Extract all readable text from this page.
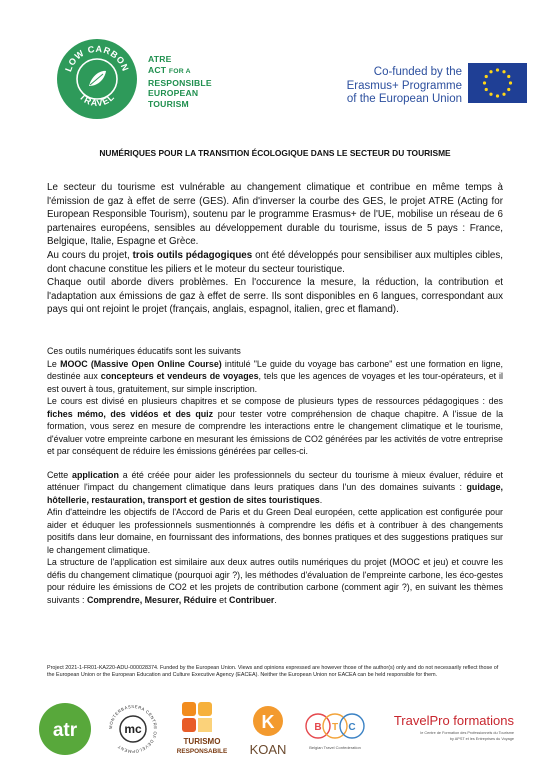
LOW CARBON
TRAVEL
ATRE
ACT FOR A
RESPONSIBLE
EUROPEAN
TOURISM
Co-funded by the
Erasmus+ Programme
of the European Union
NUMÉRIQUES POUR LA TRANSITION ÉCOLOGIQUE DANS LE SECTEUR DU TOURISME

Le secteur du tourisme est vulnérable au changement climatique et contribue en même temps à l'émission de gaz à effet de serre (GES). Afin d'inverser la courbe des GES, le projet ATRE (Acting for European Responsible Tourism), soutenu par le programme Erasmus+ de l'UE, mobilise un réseau de 6 partenaires européens, sensibles au développement durable du tourisme, issus de 5 pays : France, Belgique, Italie, Espagne et Grèce.

Au cours du projet, trois outils pédagogiques ont été développés pour sensibiliser aux multiples cibles, dont chacune constitue les piliers et le moteur du secteur touristique.

Chaque outil aborde divers problèmes. En l'occurence la mesure, la réduction, la contribution et l'adaptation aux émissions de gaz à effet de serre. Ils sont disponibles en 6 langues, correspondant aux pays qui ont rejoint le projet (français, anglais, espagnol, italien, grec et flamand).

Ces outils numériques éducatifs sont les suivants

Le MOOC (Massive Open Online Course) intitulé "Le guide du voyage bas carbone" est une formation en ligne, destinée aux concepteurs et vendeurs de voyages, tels que les agences de voyages et les tour-opérateurs, et il est ouvert à tous, gratuitement, sur simple inscription.

Le cours est divisé en plusieurs chapitres et se compose de plusieurs types de ressources pédagogiques : des fiches mémo, des vidéos et des quiz pour tester votre compréhension de chaque chapitre. A l'issue de la formation, vous serez en mesure de comprendre les interactions entre le changement climatique et le tourisme, d'évaluer votre empreinte carbone en mesurant les émissions de CO2 générées par les activités de votre entreprise et par conséquent de réduire les émissions générées par celles-ci.

Cette application a été créée pour aider les professionnels du secteur du tourisme à mieux évaluer, réduire et atténuer l'impact du changement climatique dans leurs pratiques dans l'un des domaines suivants : guidage, hôtellerie, restauration, transport et gestion de sites touristiques.

Afin d'atteindre les objectifs de l'Accord de Paris et du Green Deal européen, cette application est configurée pour aider et éduquer les professionnels susmentionnés à comprendre les défis et à contribuer à des changements positifs dans leur domaine, en fournissant des informations, des bonnes pratiques et des suggestions pratiques sur le changement climatique.

La structure de l'application est similaire aux deux autres outils numériques du projet (MOOC et jeu) et couvre les défis du changement climatique (pourquoi agir ?), les méthodes d'évaluation de l'empreinte carbone, les éco-gestes pour réduire les émissions de CO2 et les projets de contribution carbone (comment agir ?), en suivant les thèmes suivants : Comprendre, Mesurer, Réduire et Contribuer.

Project 2021-1-FR01-KA220-ADU-000028374. Funded by the European Union. Views and opinions expressed are however those of the author(s) only and do not necessarily reflect those of the European Union or the European Education and Culture Executive Agency (EACEA). Neither the European Union nor EACEA can be held responsible for them.
atr	MONTERBASSERA CENTRE OF DEVELOPMENT
mc
TURISMO
RESPONSABILE
K
KOAN
B T C
Belgian Travel Confederation
TravelPro formations
le Centre de Formation des Professionnels du Tourisme
by APST et les Entreprises du Voyage
